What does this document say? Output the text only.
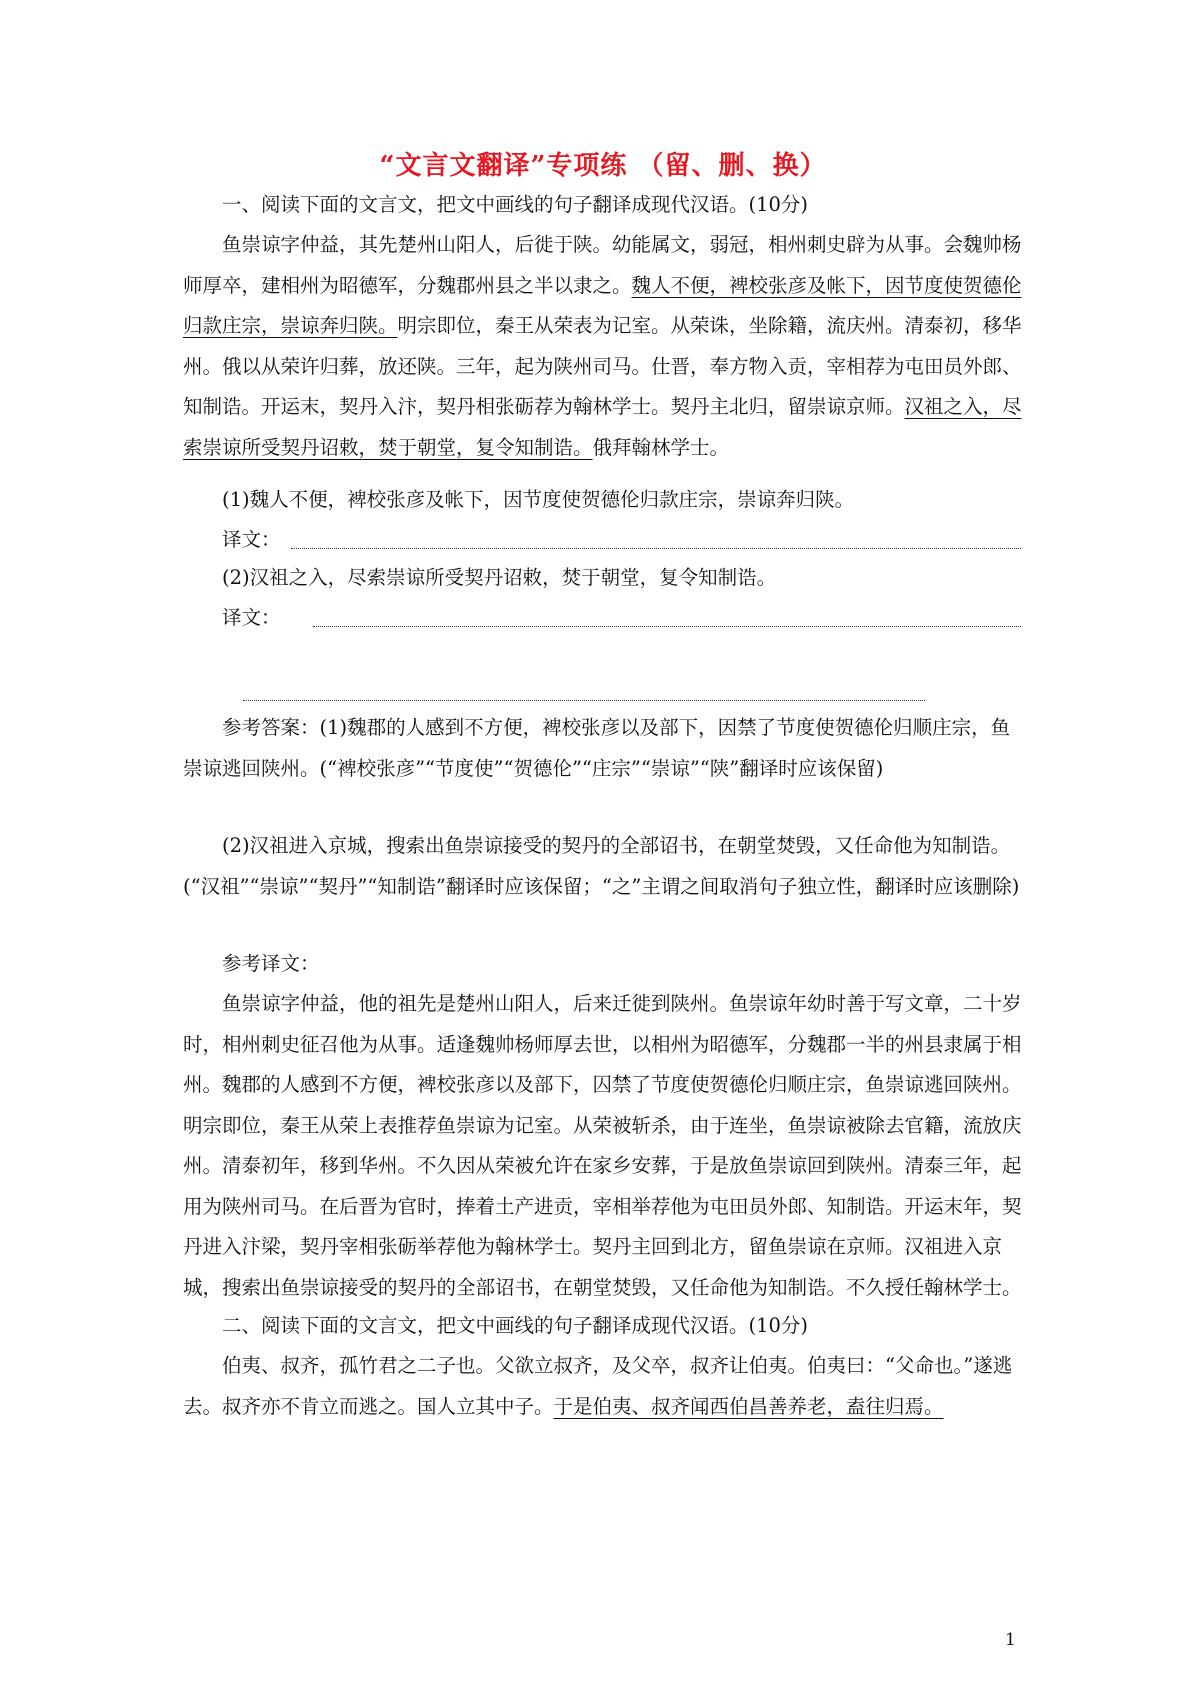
“文言文翻译”专项练 （留、删、换）

一、阅读下面的文言文，把文中画线的句子翻译成现代汉语。(10分)

鱼崇谅字仲益，其先楚州山阳人，后徙于陕。幼能属文，弱冠，相州刺史辟为从事。会魏帅杨师厚卒，建相州为昭德军，分魏郡州县之半以隶之。魏人不便，裨校张彦及帐下，因节度使贺德伦归款庄宗，崇谅奔归陕。明宗即位，秦王从荣表为记室。从荣诛，坐除籍，流庆州。清泰初，移华州。俄以从荣许归葬，放还陕。三年，起为陕州司马。仕晋，奉方物入贡，宰相荐为屯田员外郎、知制诰。开运末，契丹入汴，契丹相张砺荐为翰林学士。契丹主北归，留崇谅京师。汉祖之入，尽索崇谅所受契丹诏敕，焚于朝堂，复令知制诰。俄拜翰林学士。

(1)魏人不便，裨校张彦及帐下，因节度使贺德伦归款庄宗，崇谅奔归陕。

译文：

(2)汉祖之入，尽索崇谅所受契丹诏敕，焚于朝堂，复令知制诰。

译文：

参考答案：(1)魏郡的人感到不方便，裨校张彦以及部下，因禁了节度使贺德伦归顺庄宗，鱼崇谅逃回陕州。(“裨校张彦”“节度使”“贺德伦”“庄宗”“崇谅”“陕”翻译时应该保留)

(2)汉祖进入京城，搜索出鱼崇谅接受的契丹的全部诏书，在朝堂焚毁，又任命他为知制诰。(“汉祖”“崇谅”“契丹”“知制诰”翻译时应该保留；“之”主谓之间取消句子独立性，翻译时应该删除)

参考译文：

鱼崇谅字仲益，他的祖先是楚州山阳人，后来迁徙到陕州。鱼崇谅年幼时善于写文章，二十岁时，相州刺史征召他为从事。适逢魏帅杨师厚去世，以相州为昭德军，分魏郡一半的州县隶属于相州。魏郡的人感到不方便，裨校张彦以及部下，囚禁了节度使贺德伦归顺庄宗，鱼崇谅逃回陕州。明宗即位，秦王从荣上表推荐鱼崇谅为记室。从荣被斩杀，由于连坐，鱼崇谅被除去官籍，流放庆州。清泰初年，移到华州。不久因从荣被允许在家乡安葬，于是放鱼崇谅回到陕州。清泰三年，起用为陕州司马。在后晋为官时，捧着土产进贡，宰相举荐他为屯田员外郎、知制诰。开运末年，契丹进入汴梁，契丹宰相张砺举荐他为翰林学士。契丹主回到北方，留鱼崇谅在京师。汉祖进入京城，搜索出鱼崇谅接受的契丹的全部诏书，在朝堂焚毁，又任命他为知制诰。不久授任翰林学士。

二、阅读下面的文言文，把文中画线的句子翻译成现代汉语。(10分)

伯夷、叔齐，孤竹君之二子也。父欲立叔齐，及父卒，叔齐让伯夷。伯夷曰：“父命也。”遂逃去。叔齐亦不肯立而逃之。国人立其中子。于是伯夷、叔齐闻西伯昌善养老，盍往归焉。

1
